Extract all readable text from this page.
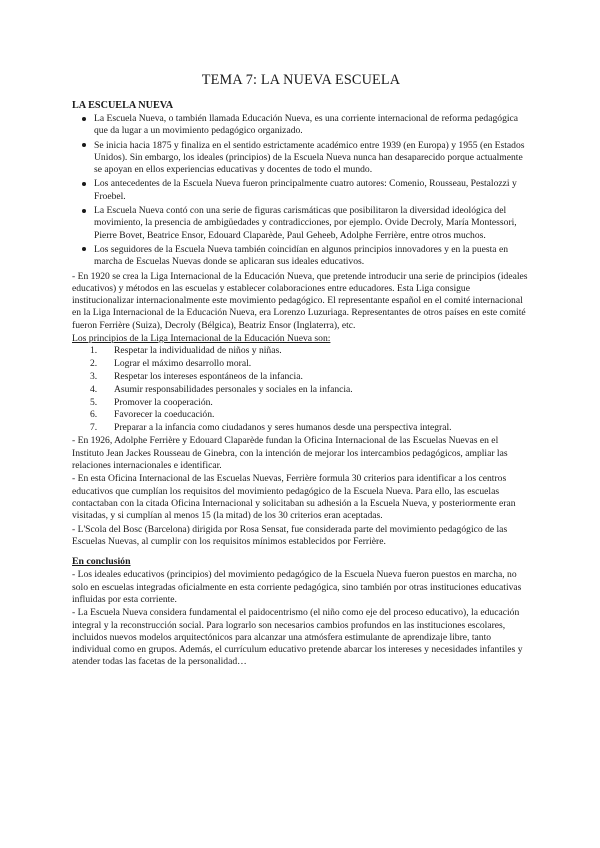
TEMA 7: LA NUEVA ESCUELA
LA ESCUELA NUEVA
La Escuela Nueva, o también llamada Educación Nueva, es una corriente internacional de reforma pedagógica que da lugar a un movimiento pedagógico organizado.
Se inicia hacia 1875 y finaliza en el sentido estrictamente académico entre 1939 (en Europa) y 1955 (en Estados Unidos). Sin embargo, los ideales (principios) de la Escuela Nueva nunca han desaparecido porque actualmente se apoyan en ellos experiencias educativas y docentes de todo el mundo.
Los antecedentes de la Escuela Nueva fueron principalmente cuatro autores: Comenio, Rousseau, Pestalozzi y Froebel.
La Escuela Nueva contó con una serie de figuras carismáticas que posibilitaron la diversidad ideológica del movimiento, la presencia de ambigüedades y contradicciones, por ejemplo. Ovide Decroly, María Montessori, Pierre Bovet, Beatrice Ensor, Edouard Claparède, Paul Geheeb, Adolphe Ferrière, entre otros muchos.
Los seguidores de la Escuela Nueva también coincidían en algunos principios innovadores y en la puesta en marcha de Escuelas Nuevas donde se aplicaran sus ideales educativos.

- En 1920 se crea la Liga Internacional de la Educación Nueva, que pretende introducir una serie de principios (ideales educativos) y métodos en las escuelas y establecer colaboraciones entre educadores. Esta Liga consigue institucionalizar internacionalmente este movimiento pedagógico. El representante español en el comité internacional en la Liga Internacional de la Educación Nueva, era Lorenzo Luzuriaga. Representantes de otros países en este comité fueron Ferrière (Suiza), Decroly (Bélgica), Beatriz Ensor (Inglaterra), etc.

Los principios de la Liga Internacional de la Educación Nueva son:

1. Respetar la individualidad de niños y niñas.
2. Lograr el máximo desarrollo moral.
3. Respetar los intereses espontáneos de la infancia.
4. Asumir responsabilidades personales y sociales en la infancia.
5. Promover la cooperación.
6. Favorecer la coeducación.
7. Preparar a la infancia como ciudadanos y seres humanos desde una perspectiva integral.

- En 1926, Adolphe Ferrière y Edouard Claparède fundan la Oficina Internacional de las Escuelas Nuevas en el Instituto Jean Jackes Rousseau de Ginebra, con la intención de mejorar los intercambios pedagógicos, ampliar las relaciones internacionales e identificar.

- En esta Oficina Internacional de las Escuelas Nuevas, Ferrière formula 30 criterios para identificar a los centros educativos que cumplían los requisitos del movimiento pedagógico de la Escuela Nueva. Para ello, las escuelas contactaban con la citada Oficina Internacional y solicitaban su adhesión a la Escuela Nueva, y posteriormente eran visitadas, y si cumplían al menos 15 (la mitad) de los 30 criterios eran aceptadas.

- L'Scola del Bosc (Barcelona) dirigida por Rosa Sensat, fue considerada parte del movimiento pedagógico de las Escuelas Nuevas, al cumplir con los requisitos mínimos establecidos por Ferrière.

En conclusión

- Los ideales educativos (principios) del movimiento pedagógico de la Escuela Nueva fueron puestos en marcha, no solo en escuelas integradas oficialmente en esta corriente pedagógica, sino también por otras instituciones educativas influidas por esta corriente.

- La Escuela Nueva considera fundamental el paidocentrismo (el niño como eje del proceso educativo), la educación integral y la reconstrucción social. Para lograrlo son necesarios cambios profundos en las instituciones escolares, incluidos nuevos modelos arquitectónicos para alcanzar una atmósfera estimulante de aprendizaje libre, tanto individual como en grupos. Además, el currículum educativo pretende abarcar los intereses y necesidades infantiles y atender todas las facetas de la personalidad…
